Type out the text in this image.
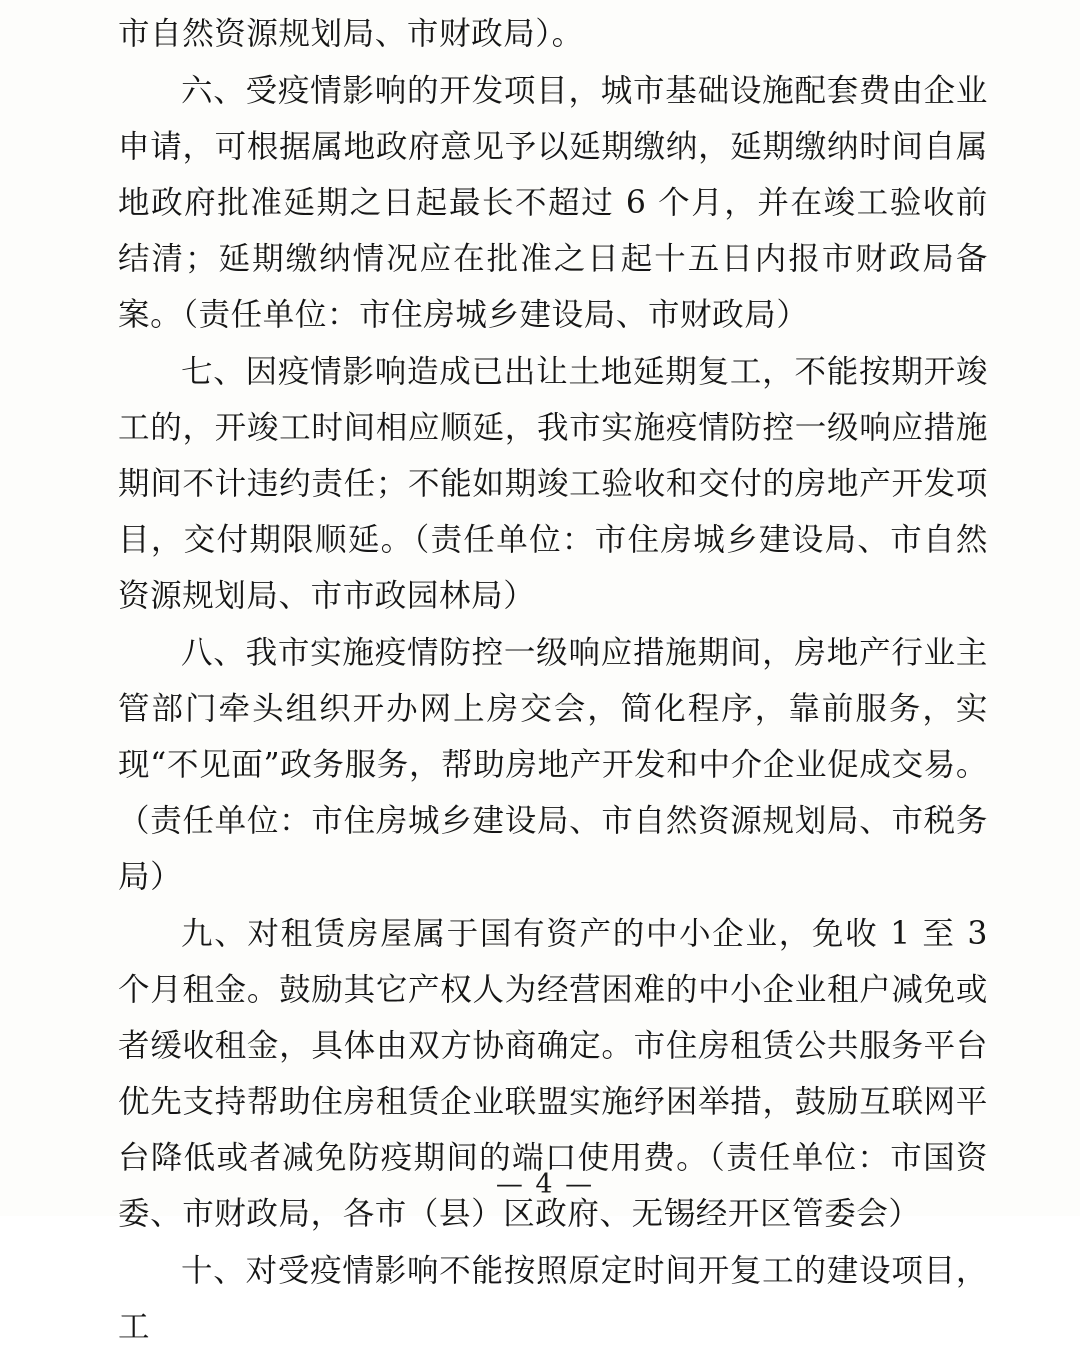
市自然资源规划局、市财政局）。

六、受疫情影响的开发项目，城市基础设施配套费由企业申请，可根据属地政府意见予以延期缴纳，延期缴纳时间自属地政府批准延期之日起最长不超过 6 个月，并在竣工验收前结清；延期缴纳情况应在批准之日起十五日内报市财政局备案。（责任单位：市住房城乡建设局、市财政局）

七、因疫情影响造成已出让土地延期复工，不能按期开竣工的，开竣工时间相应顺延，我市实施疫情防控一级响应措施期间不计违约责任；不能如期竣工验收和交付的房地产开发项目，交付期限顺延。（责任单位：市住房城乡建设局、市自然资源规划局、市市政园林局）

八、我市实施疫情防控一级响应措施期间，房地产行业主管部门牵头组织开办网上房交会，简化程序，靠前服务，实现“不见面”政务服务，帮助房地产开发和中介企业促成交易。（责任单位：市住房城乡建设局、市自然资源规划局、市税务局）

九、对租赁房屋属于国有资产的中小企业，免收 1 至 3 个月租金。鼓励其它产权人为经营困难的中小企业租户减免或者缓收租金，具体由双方协商确定。市住房租赁公共服务平台优先支持帮助住房租赁企业联盟实施纾困举措，鼓励互联网平台降低或者减免防疫期间的端口使用费。（责任单位：市国资委、市财政局，各市（县）区政府、无锡经开区管委会）

十、对受疫情影响不能按照原定时间开复工的建设项目，工

— 4 —
